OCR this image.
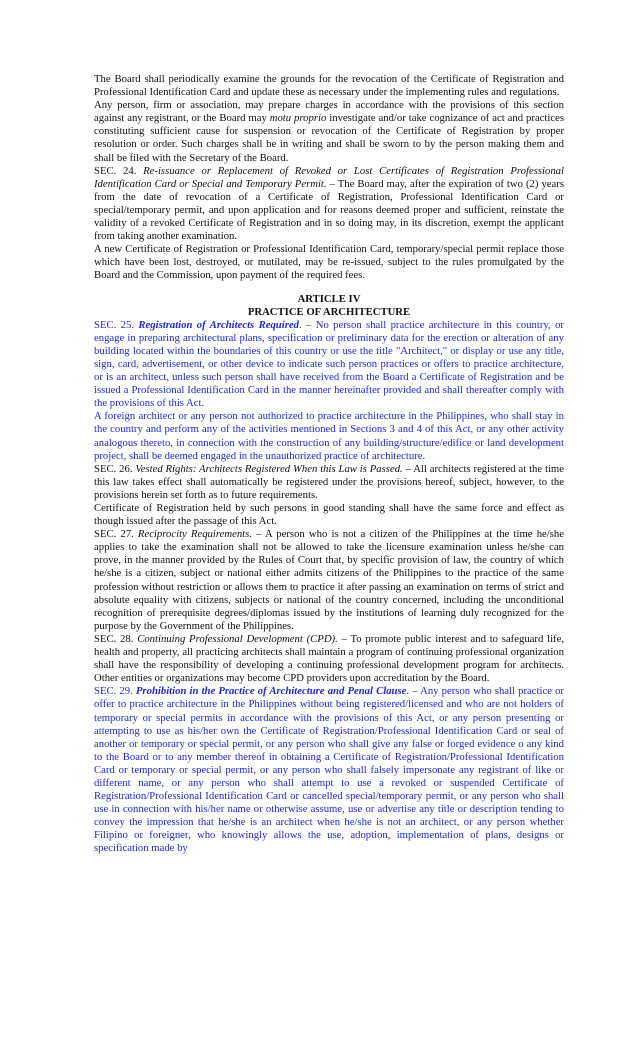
The Board shall periodically examine the grounds for the revocation of the Certificate of Registration and Professional Identification Card and update these as necessary under the implementing rules and regulations.

Any person, firm or association, may prepare charges in accordance with the provisions of this section against any registrant, or the Board may motu proprio investigate and/or take cognizance of act and practices constituting sufficient cause for suspension or revocation of the Certificate of Registration by proper resolution or order. Such charges shall be in writing and shall be sworn to by the person making them and shall be filed with the Secretary of the Board.

SEC. 24. Re-issuance or Replacement of Revoked or Lost Certificates of Registration Professional Identification Card or Special and Temporary Permit. – The Board may, after the expiration of two (2) years from the date of revocation of a Certificate of Registration, Professional Identification Card or special/temporary permit, and upon application and for reasons deemed proper and sufficient, reinstate the validity of a revoked Certificate of Registration and in so doing may, in its discretion, exempt the applicant from taking another examination.

A new Certificate of Registration or Professional Identification Card, temporary/special permit replace those which have been lost, destroyed, or mutilated, may be re-issued, subject to the rules promulgated by the Board and the Commission, upon payment of the required fees.

ARTICLE IV

PRACTICE OF ARCHITECTURE

SEC. 25. Registration of Architects Required. – No person shall practice architecture in this country, or engage in preparing architectural plans, specification or preliminary data for the erection or alteration of any building located within the boundaries of this country or use the title "Architect," or display or use any title, sign, card, advertisement, or other device to indicate such person practices or offers to practice architecture, or is an architect, unless such person shall have received from the Board a Certificate of Registration and be issued a Professional Identification Card in the manner hereinafter provided and shall thereafter comply with the provisions of this Act.

A foreign architect or any person not authorized to practice architecture in the Philippines, who shall stay in the country and perform any of the activities mentioned in Sections 3 and 4 of this Act, or any other activity analogous thereto, in connection with the construction of any building/structure/edifice or land development project, shall be deemed engaged in the unauthorized practice of architecture.

SEC. 26. Vested Rights: Architects Registered When this Law is Passed. – All architects registered at the time this law takes effect shall automatically be registered under the provisions hereof, subject, however, to the provisions herein set forth as to future requirements.

Certificate of Registration held by such persons in good standing shall have the same force and effect as though issued after the passage of this Act.

SEC. 27. Reciprocity Requirements. – A person who is not a citizen of the Philippines at the time he/she applies to take the examination shall not be allowed to take the licensure examination unless he/she can prove, in the manner provided by the Rules of Court that, by specific provision of law, the country of which he/she is a citizen, subject or national either admits citizens of the Philippines to the practice of the same profession without restriction or allows them to practice it after passing an examination on terms of strict and absolute equality with citizens, subjects or national of the country concerned, including the unconditional recognition of prerequisite degrees/diplomas issued by the institutions of learning duly recognized for the purpose by the Government of the Philippines.

SEC. 28. Continuing Professional Development (CPD). – To promote public interest and to safeguard life, health and property, all practicing architects shall maintain a program of continuing professional organization shall have the responsibility of developing a continuing professional development program for architects. Other entities or organizations may become CPD providers upon accreditation by the Board.

SEC. 29. Prohibition in the Practice of Architecture and Penal Clause. – Any person who shall practice or offer to practice architecture in the Philippines without being registered/licensed and who are not holders of temporary or special permits in accordance with the provisions of this Act, or any person presenting or attempting to use as his/her own the Certificate of Registration/Professional Identification Card or seal of another or temporary or special permit, or any person who shall give any false or forged evidence o any kind to the Board or to any member thereof in obtaining a Certificate of Registration/Professional Identification Card or temporary or special permit, or any person who shall falsely impersonate any registrant of like or different name, or any person who shall attempt to use a revoked or suspended Certificate of Registration/Professional Identification Card or cancelled special/temporary permit, or any person who shall use in connection with his/her name or otherwise assume, use or advertise any title or description tending to convey the impression that he/she is an architect when he/she is not an architect, or any person whether Filipino or foreigner, who knowingly allows the use, adoption, implementation of plans, designs or specification made by
